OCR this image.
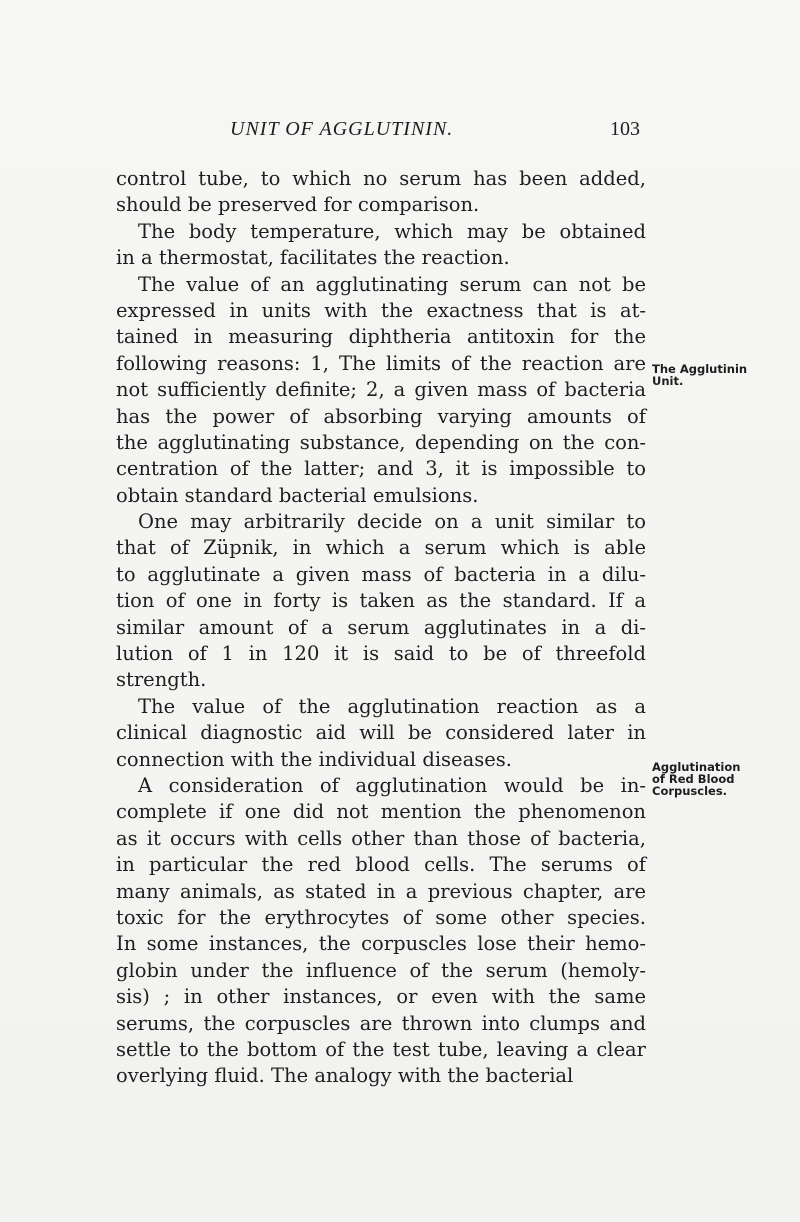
UNIT OF AGGLUTININ.	103
control tube, to which no serum has been added,
should be preserved for comparison.
The body temperature, which may be obtained
in a thermostat, facilitates the reaction.
The value of an agglutinating serum can not be
expressed in units with the exactness that is at-
tained in measuring diphtheria antitoxin for the
following reasons: 1, The limits of the reaction are
not sufficiently definite; 2, a given mass of bacteria
has the power of absorbing varying amounts of
the agglutinating substance, depending on the con-
centration of the latter; and 3, it is impossible to
obtain standard bacterial emulsions.
One may arbitrarily decide on a unit similar to
that of Züpnik, in which a serum which is able
to agglutinate a given mass of bacteria in a dilu-
tion of one in forty is taken as the standard. If a
similar amount of a serum agglutinates in a di-
lution of 1 in 120 it is said to be of threefold
strength.
The value of the agglutination reaction as a
clinical diagnostic aid will be considered later in
connection with the individual diseases.
A consideration of agglutination would be in-
complete if one did not mention the phenomenon
as it occurs with cells other than those of bacteria,
in particular the red blood cells. The serums of
many animals, as stated in a previous chapter, are
toxic for the erythrocytes of some other species.
In some instances, the corpuscles lose their hemo-
globin under the influence of the serum (hemoly-
sis) ; in other instances, or even with the same
serums, the corpuscles are thrown into clumps and
settle to the bottom of the test tube, leaving a clear
overlying fluid. The analogy with the bacterial
The Agglutinin
Unit.
Agglutination
of Red Blood
Corpuscles.
